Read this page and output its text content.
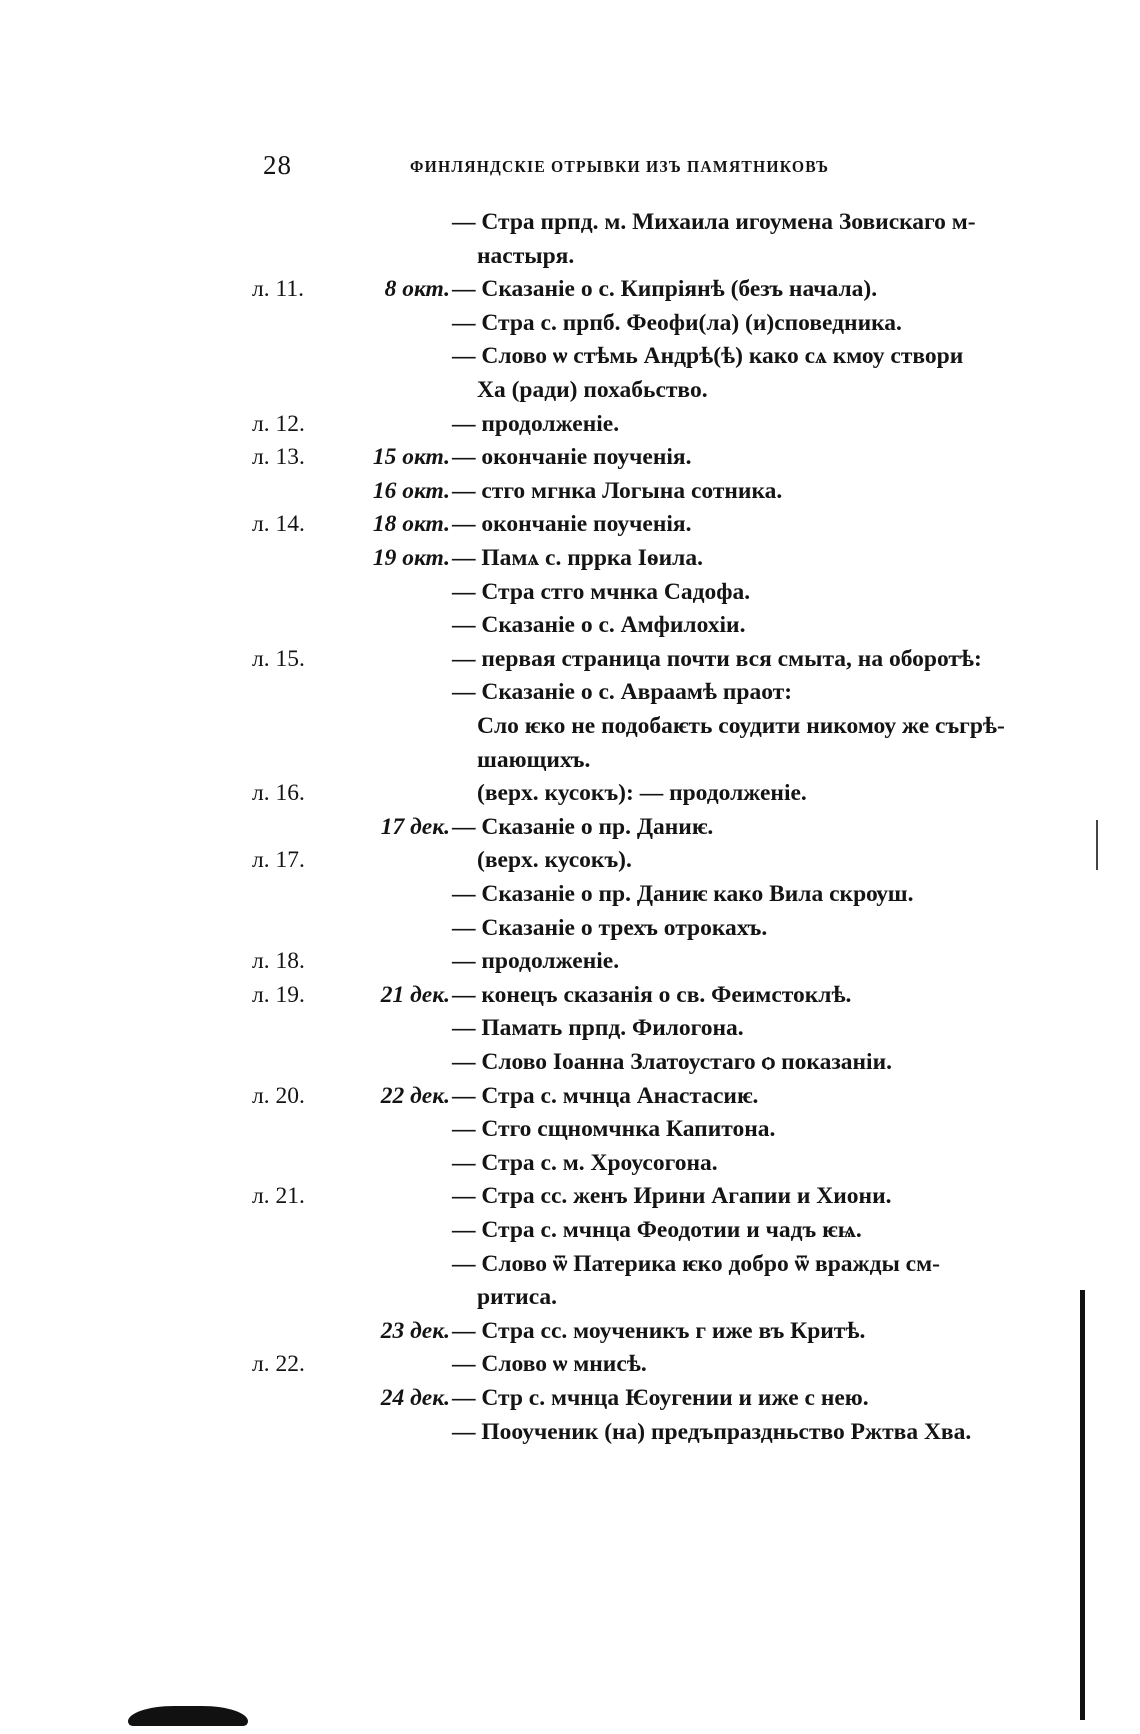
28	ФИНЛЯНДСКІЕ ОТРЫВКИ ИЗЪ ПАМЯТНИКОВЪ
— Стра прпд. м. Михаила игоумена Зовискаго м-
настыря.
л. 11.	8 окт. — Сказаніе о с. Кипріянѣ (безъ начала).
— Стра с. прпб. Феофи(ла) (и)споведника.
— Слово ѡ стѣмь Андрѣ(ѣ) како сѧ кмоу створи
Ха (ради) похабьство.
л. 12.	— продолженіе.
л. 13.	15 окт. — окончаніе поученія.
16 окт. — стго мгнка Логына сотника.
л. 14.	18 окт. — окончаніе поученія.
19 окт. — Памѧ с. пррка Іѳила.
— Стра стго мчнка Садофа.
— Сказаніе о с. Амфилохіи.
л. 15.	— первая страница почти вся смыта, на оборотѣ:
— Сказаніе о с. Авраамѣ праот:
Сло ѥко не подобаѥть соудити никомоу же съгрѣ-
шающихъ.
л. 16.	(верх. кусокъ): — продолженіе.
17 дек. — Сказаніе о пр. Даниѥ.
л. 17.	(верх. кусокъ).
— Сказаніе о пр. Даниѥ како Вила скрѹш.
— Сказаніе о трехъ отрокахъ.
л. 18.	— продолженіе.
л. 19.	21 дек. — конецъ сказанія о св. Феимстоклѣ.
— Памать прпд. Филогона.
— Слово Іоанна Златоустаго ѻ показаніи.
л. 20.	22 дек. — Стра с. мчнца Анастасиѥ.
— Стго сщномчнка Капитона.
— Стра с. м. Хроусогона.
л. 21.	— Стра сс. женъ Ирини Агапии и Хиони.
— Стра с. мчнца Феодотии и чадъ ѥѩ.
— Слово ѿ Патерика ѥко добро ѿ вражды см-
ритиса.
23 дек. — Стра сс. моученикъ г иже въ Критѣ.
л. 22.	— Слово ѡ мнисѣ.
24 дек. — Стр с. мчнца Ѥоугении и иже с нею.
— Пооученик (на) предъпраздньство Ржтва Хва.
